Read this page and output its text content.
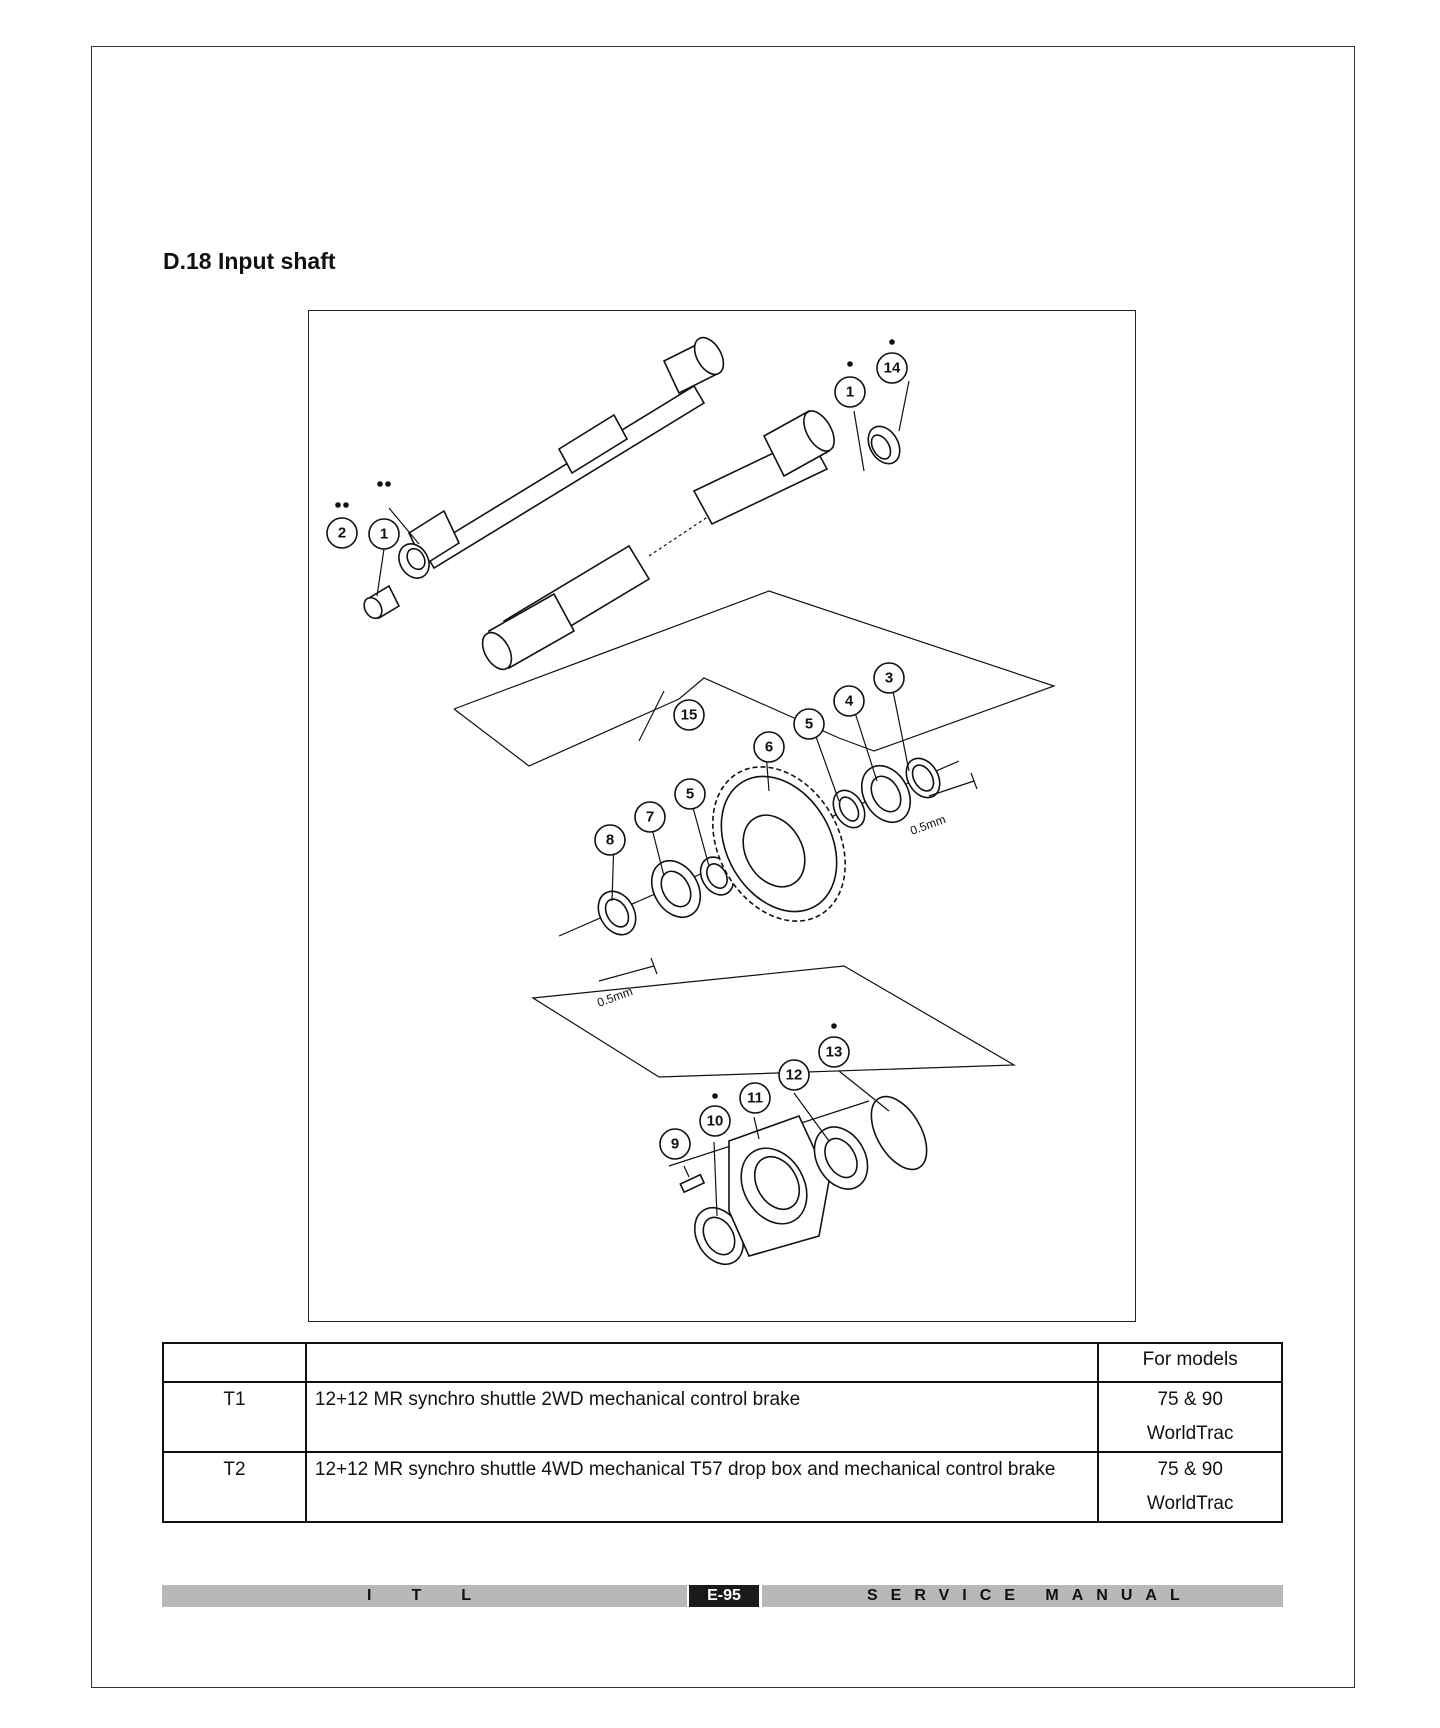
D.18 Input shaft
0.5mm
0.5mm
1
2
1
14
3
4
5
6
7
8
5
15
9
10
11
12
13
		For models
T1	12+12 MR synchro shuttle 2WD mechanical control brake	75 & 90
WorldTrac

T2	12+12 MR synchro shuttle 4WD mechanical T57 drop box and mechanical control brake	75 & 90
WorldTrac
ITL	E-95	SERVICE MANUAL
